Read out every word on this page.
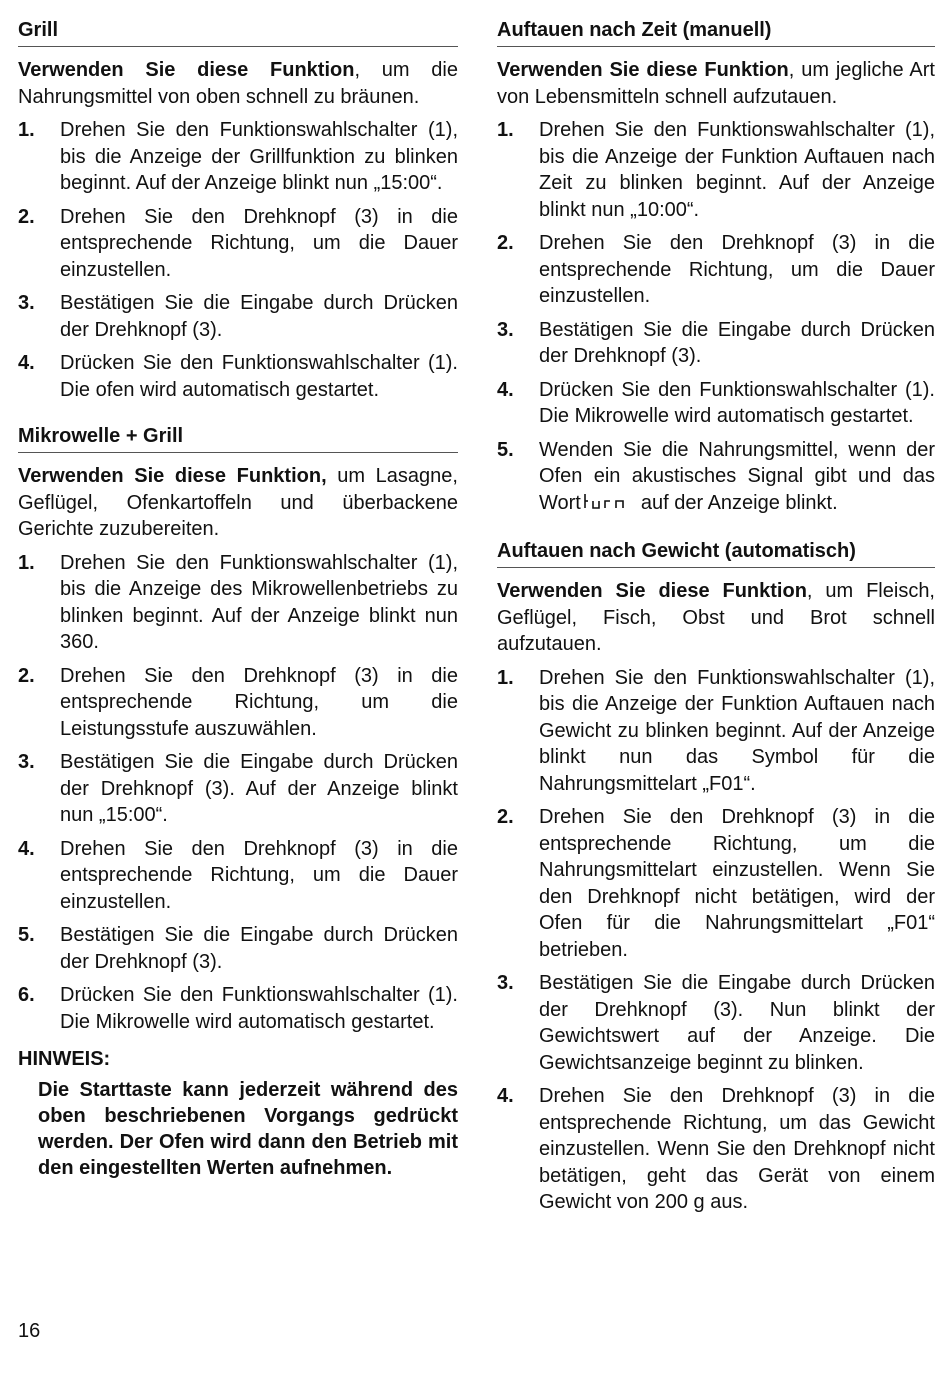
Grill

Verwenden Sie diese Funktion, um die Nahrungsmittel von oben schnell zu bräunen.

1.	Drehen Sie den Funktionswahlschalter (1), bis die Anzeige der Grillfunktion zu blinken beginnt. Auf der Anzeige blinkt nun „15:00“.
2.	Drehen Sie den Drehknopf (3) in die entsprechende Richtung, um die Dauer einzustellen.
3.	Bestätigen Sie die Eingabe durch Drücken der Drehknopf (3).
4.	Drücken Sie den Funktionswahlschalter (1). Die ofen wird automatisch gestartet.
Mikrowelle + Grill

Verwenden Sie diese Funktion, um Lasagne, Geflügel, Ofenkartoffeln und überbackene Gerichte zuzubereiten.

1.	Drehen Sie den Funktionswahlschalter (1), bis die Anzeige des Mikrowellenbetriebs zu blinken beginnt. Auf der Anzeige blinkt nun 360.
2.	Drehen Sie den Drehknopf (3) in die entsprechende Richtung, um die Leistungsstufe auszuwählen.
3.	Bestätigen Sie die Eingabe durch Drücken der Drehknopf (3). Auf der Anzeige blinkt nun „15:00“.
4.	Drehen Sie den Drehknopf (3) in die entsprechende Richtung, um die Dauer einzustellen.
5.	Bestätigen Sie die Eingabe durch Drücken der Drehknopf (3).
6.	Drücken Sie den Funktionswahlschalter (1). Die Mikrowelle wird automatisch gestartet.
HINWEIS:
Die Starttaste kann jederzeit während des oben beschriebenen Vorgangs gedrückt werden. Der Ofen wird dann den Betrieb mit den eingestellten Werten aufnehmen.
Auftauen nach Zeit (manuell)

Verwenden Sie diese Funktion, um jegliche Art von Lebensmitteln schnell aufzutauen.

1.	Drehen Sie den Funktionswahlschalter (1), bis die Anzeige der Funktion Auftauen nach Zeit zu blinken beginnt. Auf der Anzeige blinkt nun „10:00“.
2.	Drehen Sie den Drehknopf (3) in die entsprechende Richtung, um die Dauer einzustellen.
3.	Bestätigen Sie die Eingabe durch Drücken der Drehknopf (3).
4.	Drücken Sie den Funktionswahlschalter (1). Die Mikrowelle wird automatisch gestartet.
5.	Wenden Sie die Nahrungsmittel, wenn der Ofen ein akustisches Signal gibt und das Wort	auf der Anzeige blinkt.
Auftauen nach Gewicht (automatisch)

Verwenden Sie diese Funktion, um Fleisch, Geflügel, Fisch, Obst und Brot schnell aufzutauen.

1.	Drehen Sie den Funktionswahlschalter (1), bis die Anzeige der Funktion Auftauen nach Gewicht zu blinken beginnt. Auf der Anzeige blinkt nun das Symbol für die Nahrungsmittelart „F01“.
2.	Drehen Sie den Drehknopf (3) in die entsprechende Richtung, um die Nahrungsmittelart einzustellen. Wenn Sie den Drehknopf nicht betätigen, wird der Ofen für die Nahrungsmittelart „F01“ betrieben.
3.	Bestätigen Sie die Eingabe durch Drücken der Drehknopf (3). Nun blinkt der Gewichtswert auf der Anzeige. Die Gewichtsanzeige beginnt zu blinken.
4.	Drehen Sie den Drehknopf (3) in die entsprechende Richtung, um das Gewicht einzustellen. Wenn Sie den Drehknopf nicht betätigen, geht das Gerät von einem Gewicht von 200 g aus.
16
